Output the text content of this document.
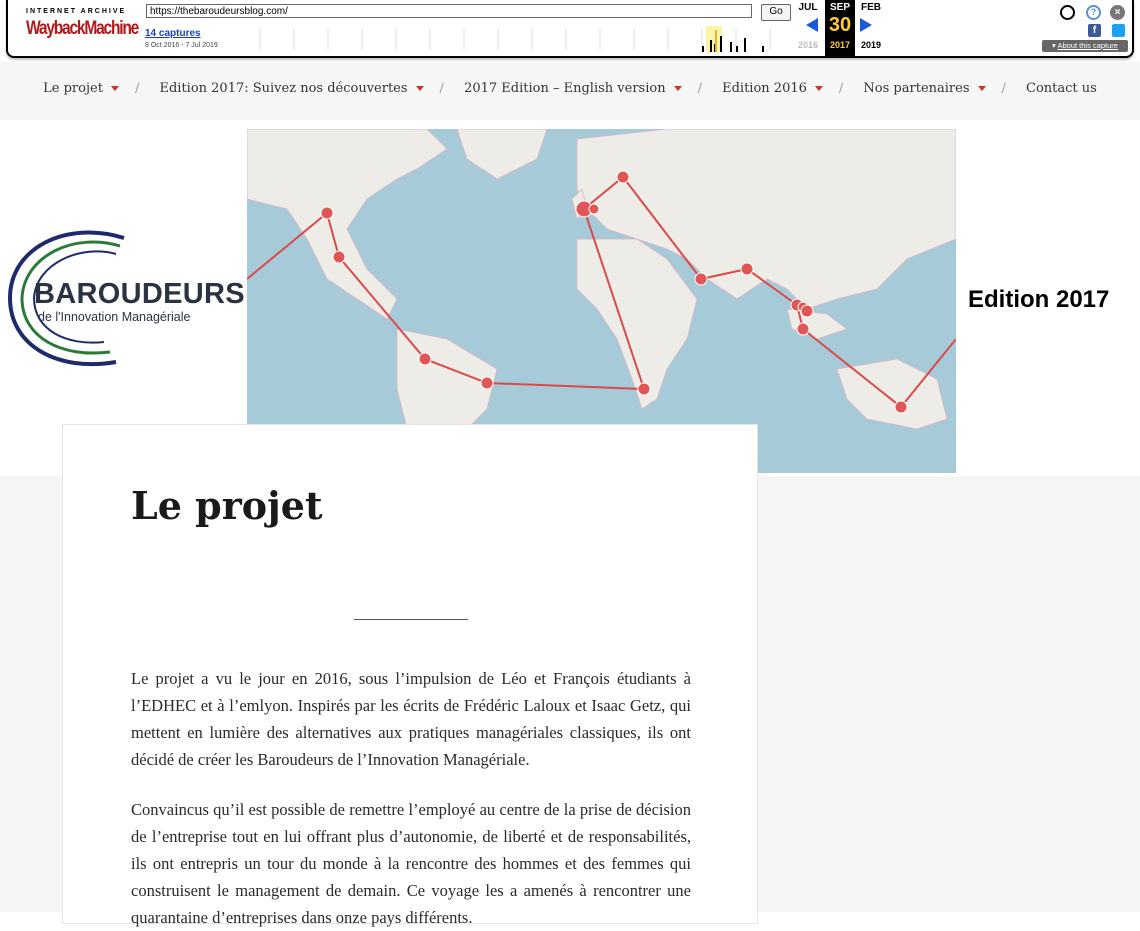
INTERNET ARCHIVE
WaybackMachine
https://thebaroudeursblog.com/	Go
14 captures
8 Oct 2016 - 7 Jul 2019
JUL
2016
SEP
30
2017
FEB
2019
?	×
f
▾ About this capture
Le projet / Edition 2017: Suivez nos découvertes / 2017 Edition – English version / Edition 2016 / Nos partenaires / Contact us
BAROUDEURS
de l'Innovation Managériale
Edition 2017
Le projet

Le projet a vu le jour en 2016, sous l’impulsion de Léo et François étudiants à l’EDHEC et à l’emlyon. Inspirés par les écrits de Frédéric Laloux et Isaac Getz, qui mettent en lumière des alternatives aux pratiques managériales classiques, ils ont décidé de créer les Baroudeurs de l’Innovation Managériale.

Convaincus qu’il est possible de remettre l’employé au centre de la prise de décision de l’entreprise tout en lui offrant plus d’autonomie, de liberté et de responsabilités, ils ont entrepris un tour du monde à la rencontre des hommes et des femmes qui construisent le management de demain. Ce voyage les a amenés à rencontrer une quarantaine d’entreprises dans onze pays différents.
